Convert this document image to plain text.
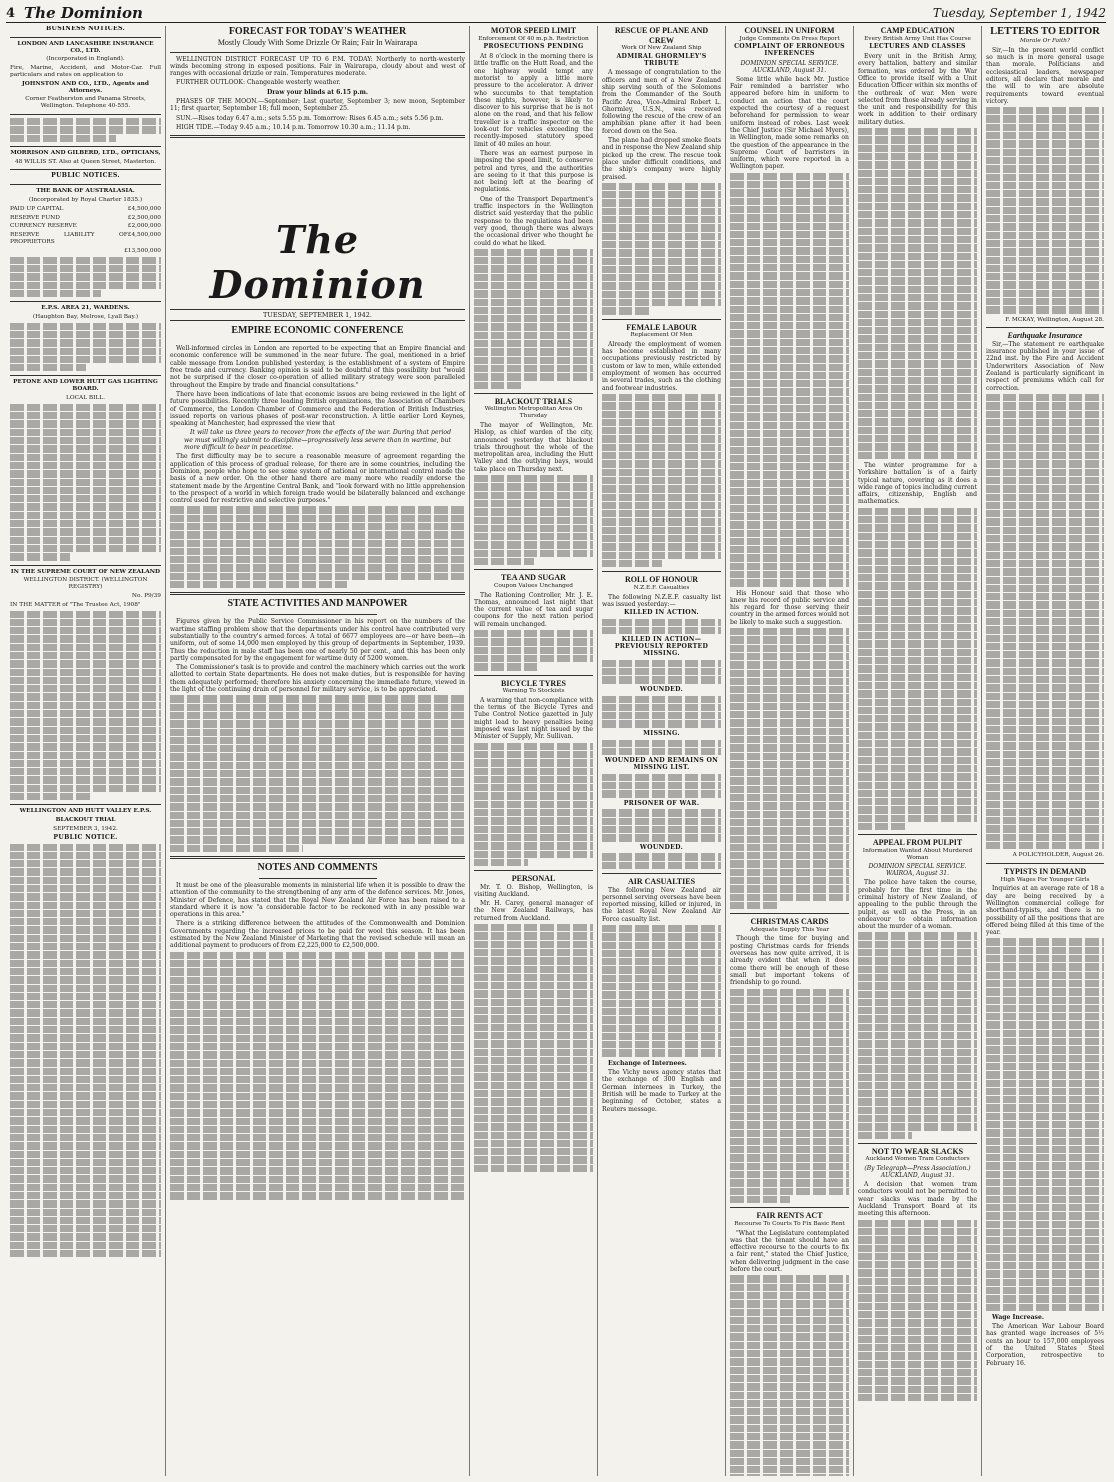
4 The Dominion	Tuesday, September 1, 1942
BUSINESS NOTICES.
LONDON AND LANCASHIRE INSURANCE CO., LTD.
(Incorporated in England).
Fire, Marine, Accident, and Motor-Car. Full particulars and rates on application to
JOHNSTON AND CO., LTD., Agents and Attorneys.
Corner Featherston and Panama Streets, Wellington. Telephone 40-555.
MORRISON AND GILBERD, LTD., OPTICIANS,
48 WILLIS ST. Also at Queen Street, Masterton.
PUBLIC NOTICES.
THE BANK OF AUSTRALASIA.
(Incorporated by Royal Charter 1835.)
PAID UP CAPITAL	£4,500,000
RESERVE FUND	£2,500,000
CURRENCY RESERVE	£2,000,000
RESERVE LIABILITY OF PROPRIETORS
£4,500,000
£13,500,000
E.P.S. AREA 21, WARDENS.
(Haughton Bay, Melrose, Lyall Bay.)
PETONE AND LOWER HUTT GAS LIGHTING BOARD.
LOCAL BILL.
IN THE SUPREME COURT OF NEW ZEALAND
WELLINGTON DISTRICT. (WELLINGTON REGISTRY)
No. P9/39
IN THE MATTER of "The Trustee Act, 1908"
WELLINGTON AND HUTT VALLEY E.P.S.
BLACKOUT TRIAL
SEPTEMBER 3, 1942.
PUBLIC NOTICE.
FORECAST FOR TODAY'S WEATHER
Mostly Cloudy With Some Drizzle Or Rain; Fair In Wairarapa

WELLINGTON DISTRICT FORECAST UP TO 6 P.M. TODAY: Northerly to north-westerly winds becoming strong in exposed positions. Fair in Wairarapa, cloudy about and west of ranges with occasional drizzle or rain. Temperatures moderate.

FURTHER OUTLOOK: Changeable westerly weather.

Draw your blinds at 6.15 p.m.

PHASES OF THE MOON.—September: Last quarter, September 3; new moon, September 11; first quarter, September 18; full moon, September 25.

SUN.—Rises today 6.47 a.m.; sets 5.55 p.m. Tomorrow: Rises 6.45 a.m.; sets 5.56 p.m.

HIGH TIDE.—Today 9.45 a.m.; 10.14 p.m. Tomorrow 10.30 a.m.; 11.14 p.m.

The Dominion
TUESDAY, SEPTEMBER 1, 1942.
EMPIRE ECONOMIC CONFERENCE

Well-informed circles in London are reported to be expecting that an Empire financial and economic conference will be summoned in the near future. The goal, mentioned in a brief cable message from London published yesterday, is the establishment of a system of Empire free trade and currency. Banking opinion is said to be doubtful of this possibility but "would not be surprised if the closer co-operation of allied military strategy were soon paralleled throughout the Empire by trade and financial consultations."

There have been indications of late that economic issues are being reviewed in the light of future possibilities. Recently three leading British organizations, the Association of Chambers of Commerce, the London Chamber of Commerce and the Federation of British Industries, issued reports on various phases of post-war reconstruction. A little earlier Lord Keynes, speaking at Manchester, had expressed the view that

It will take us three years to recover from the effects of the war. During that period we must willingly submit to discipline—progressively less severe than in wartime, but more difficult to bear in peacetime.

The first difficulty may be to secure a reasonable measure of agreement regarding the application of this process of gradual release, for there are in some countries, including the Dominion, people who hope to see some system of national or international control made the basis of a new order. On the other hand there are many more who readily endorse the statement made by the Argentine Central Bank, and "look forward with no little apprehension to the prospect of a world in which foreign trade would be bilaterally balanced and exchange control used for restrictive and selective purposes."

STATE ACTIVITIES AND MANPOWER

Figures given by the Public Service Commissioner in his report on the numbers of the wartime staffing problem show that the departments under his control have contributed very substantially to the country's armed forces. A total of 6677 employees are—or have been—in uniform, out of some 14,000 men employed by this group of departments in September, 1939. Thus the reduction in male staff has been one of nearly 50 per cent., and this has been only partly compensated for by the engagement for wartime duty of 5200 women.

The Commissioner's task is to provide and control the machinery which carries out the work allotted to certain State departments. He does not make duties, but is responsible for having them adequately performed; therefore his anxiety concerning the immediate future, viewed in the light of the continuing drain of personnel for military service, is to be appreciated.

NOTES AND COMMENTS

It must be one of the pleasurable moments in ministerial life when it is possible to draw the attention of the community to the strengthening of any arm of the defence services. Mr. Jones, Minister of Defence, has stated that the Royal New Zealand Air Force has been raised to a standard where it is now "a considerable factor to be reckoned with in any possible war operations in this area."

There is a striking difference between the attitudes of the Commonwealth and Dominion Governments regarding the increased prices to be paid for wool this season. It has been estimated by the New Zealand Minister of Marketing that the revised schedule will mean an additional payment to producers of from £2,225,000 to £2,500,000.

MOTOR SPEED LIMIT
Enforcement Of 40 m.p.h. Restriction
PROSECUTIONS PENDING

At 8 o'clock in the morning there is little traffic on the Hutt Road, and the one highway would tempt any motorist to apply a little more pressure to the accelerator. A driver who succumbs to that temptation these nights, however, is likely to discover to his surprise that he is not alone on the road, and that his fellow traveller is a traffic inspector on the look-out for vehicles exceeding the recently-imposed statutory speed limit of 40 miles an hour.

There was an earnest purpose in imposing the speed limit, to conserve petrol and tyres, and the authorities are seeing to it that this purpose is not being left at the bearing of regulations.

One of the Transport Department's traffic inspectors in the Wellington district said yesterday that the public response to the regulations had been very good, though there was always the occasional driver who thought he could do what he liked.

BLACKOUT TRIALS
Wellington Metropolitan Area On Thursday

The mayor of Wellington, Mr. Hislop, as chief warden of the city, announced yesterday that blackout trials throughout the whole of the metropolitan area, including the Hutt Valley and the outlying bays, would take place on Thursday next.

TEA AND SUGAR
Coupon Values Unchanged

The Rationing Controller, Mr. J. E. Thomas, announced last night that the current value of tea and sugar coupons for the next ration period will remain unchanged.

BICYCLE TYRES
Warning To Stockists

A warning that non-compliance with the terms of the Bicycle Tyres and Tube Control Notice gazetted in July might lead to heavy penalties being imposed was last night issued by the Minister of Supply, Mr. Sullivan.

PERSONAL

Mr. T. O. Bishop, Wellington, is visiting Auckland.

Mr. H. Carey, general manager of the New Zealand Railways, has returned from Auckland.

RESCUE OF PLANE AND CREW
Work Of New Zealand Ship
ADMIRAL GHORMLEY'S TRIBUTE

A message of congratulation to the officers and men of a New Zealand ship serving south of the Solomons from the Commander of the South Pacific Area, Vice-Admiral Robert L. Ghormley, U.S.N., was received following the rescue of the crew of an amphibian plane after it had been forced down on the Sea.

The plane had dropped smoke floats and in response the New Zealand ship picked up the crew. The rescue took place under difficult conditions, and the ship's company were highly praised.

FEMALE LABOUR
Replacement Of Men

Already the employment of women has become established in many occupations previously restricted by custom or law to men, while extended employment of women has occurred in several trades, such as the clothing and footwear industries.

ROLL OF HONOUR
N.Z.E.F. Casualties

The following N.Z.E.F. casualty list was issued yesterday:—

KILLED IN ACTION.
KILLED IN ACTION—PREVIOUSLY REPORTED MISSING.
WOUNDED.
MISSING.
WOUNDED AND REMAINS ON MISSING LIST.
PRISONER OF WAR.
WOUNDED.
AIR CASUALTIES

The following New Zealand air personnel serving overseas have been reported missing, killed or injured, in the latest Royal New Zealand Air Force casualty list.

Exchange of Internees.

The Vichy news agency states that the exchange of 300 English and German internees in Turkey, the British will be made to Turkey at the beginning of October, states a Reuters message.

COUNSEL IN UNIFORM
Judge Comments On Press Report
COMPLAINT OF ERRONEOUS INFERENCES
DOMINION SPECIAL SERVICE. AUCKLAND, August 31.

Some little while back Mr. Justice Fair reminded a barrister who appeared before him in uniform to conduct an action that the court expected the courtesy of a request beforehand for permission to wear uniform instead of robes. Last week the Chief Justice (Sir Michael Myers), in Wellington, made some remarks on the question of the appearance in the Supreme Court of barristers in uniform, which were reported in a Wellington paper.

His Honour said that those who knew his record of public service and his regard for those serving their country in the armed forces would not be likely to make such a suggestion.

CHRISTMAS CARDS
Adequate Supply This Year

Though the time for buying and posting Christmas cards for friends overseas has now quite arrived, it is already evident that when it does come there will be enough of these small but important tokens of friendship to go round.

FAIR RENTS ACT
Recourse To Courts To Fix Basic Rent

"What the Legislature contemplated was that the tenant should have an effective recourse to the courts to fix a fair rent," stated the Chief Justice, when delivering judgment in the case before the court.

CAMP EDUCATION
Every British Army Unit Has Course
LECTURES AND CLASSES

Every unit in the British Army, every battalion, battery and similar formation, was ordered by the War Office to provide itself with a Unit Education Officer within six months of the outbreak of war. Men were selected from those already serving in the unit and responsibility for this work in addition to their ordinary military duties.

The winter programme for a Yorkshire battalion is of a fairly typical nature, covering as it does a wide range of topics including current affairs, citizenship, English and mathematics.

APPEAL FROM PULPIT
Information Wanted About Murdered Woman
DOMINION SPECIAL SERVICE. WAIROA, August 31.

The police have taken the course, probably for the first time in the criminal history of New Zealand, of appealing to the public through the pulpit, as well as the Press, in an endeavour to obtain information about the murder of a woman.

NOT TO WEAR SLACKS
Auckland Women Tram Conductors
(By Telegraph—Press Association.) AUCKLAND, August 31.

A decision that women tram conductors would not be permitted to wear slacks was made by the Auckland Transport Board at its meeting this afternoon.

LETTERS TO EDITOR
Morale Or Faith?

Sir,—In the present world conflict so much is in more general usage than morale. Politicians and ecclesiastical leaders, newspaper editors, all declare that morale and the will to win are absolute requirements toward eventual victory.

F. MCKAY, Wellington, August 28.

Earthquake Insurance

Sir,—The statement re earthquake insurance published in your issue of 22nd inst. by the Fire and Accident Underwriters Association of New Zealand is particularly significant in respect of premiums which call for correction.

A POLICYHOLDER, August 26.

TYPISTS IN DEMAND
High Wages For Younger Girls

Inquiries at an average rate of 18 a day are being received by a Wellington commercial college for shorthand-typists, and there is no possibility of all the positions that are offered being filled at this time of the year.

Wage Increase.

The American War Labour Board has granted wage increases of 5½ cents an hour to 157,000 employees of the United States Steel Corporation, retrospective to February 16.
